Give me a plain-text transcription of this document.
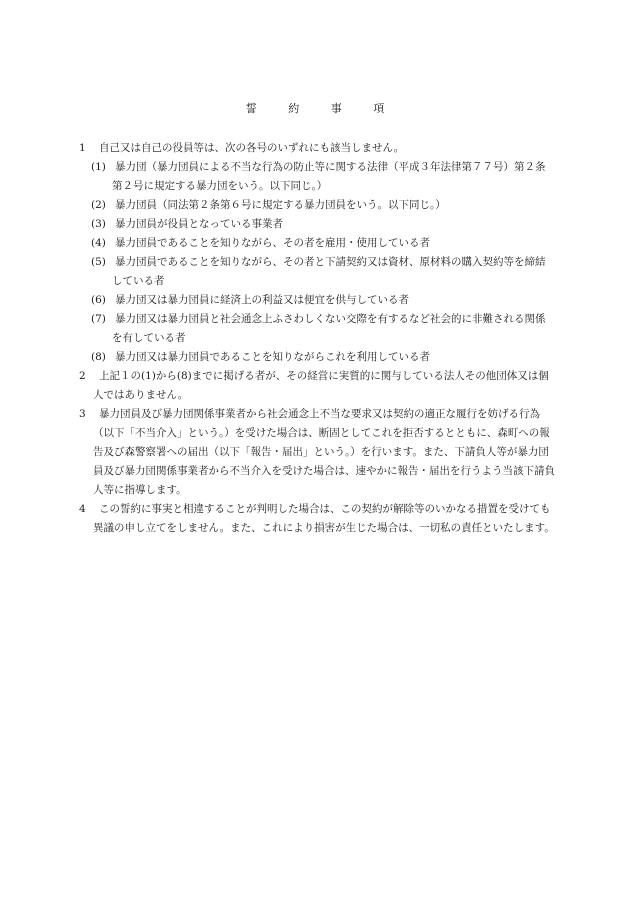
誓	約	事	項

1 自己又は自己の役員等は、次の各号のいずれにも該当しません。

(1) 暴力団（暴力団員による不当な行為の防止等に関する法律（平成３年法律第７７号）第２条第２号に規定する暴力団をいう。以下同じ。）

(2) 暴力団員（同法第２条第６号に規定する暴力団員をいう。以下同じ。）

(3) 暴力団員が役員となっている事業者

(4) 暴力団員であることを知りながら、その者を雇用・使用している者

(5) 暴力団員であることを知りながら、その者と下請契約又は資材、原材料の購入契約等を締結している者

(6) 暴力団又は暴力団員に経済上の利益又は便宜を供与している者

(7) 暴力団又は暴力団員と社会通念上ふさわしくない交際を有するなど社会的に非難される関係を有している者

(8) 暴力団又は暴力団員であることを知りながらこれを利用している者

2 上記１の(1)から(8)までに掲げる者が、その経営に実質的に関与している法人その他団体又は個人ではありません。

3 暴力団員及び暴力団関係事業者から社会通念上不当な要求又は契約の適正な履行を妨げる行為（以下「不当介入」という。）を受けた場合は、断固としてこれを拒否するとともに、森町への報告及び森警察署への届出（以下「報告・届出」という。）を行います。また、下請負人等が暴力団員及び暴力団関係事業者から不当介入を受けた場合は、速やかに報告・届出を行うよう当該下請負人等に指導します。

4 この誓約に事実と相違することが判明した場合は、この契約が解除等のいかなる措置を受けても異議の申し立てをしません。また、これにより損害が生じた場合は、一切私の責任といたします。
